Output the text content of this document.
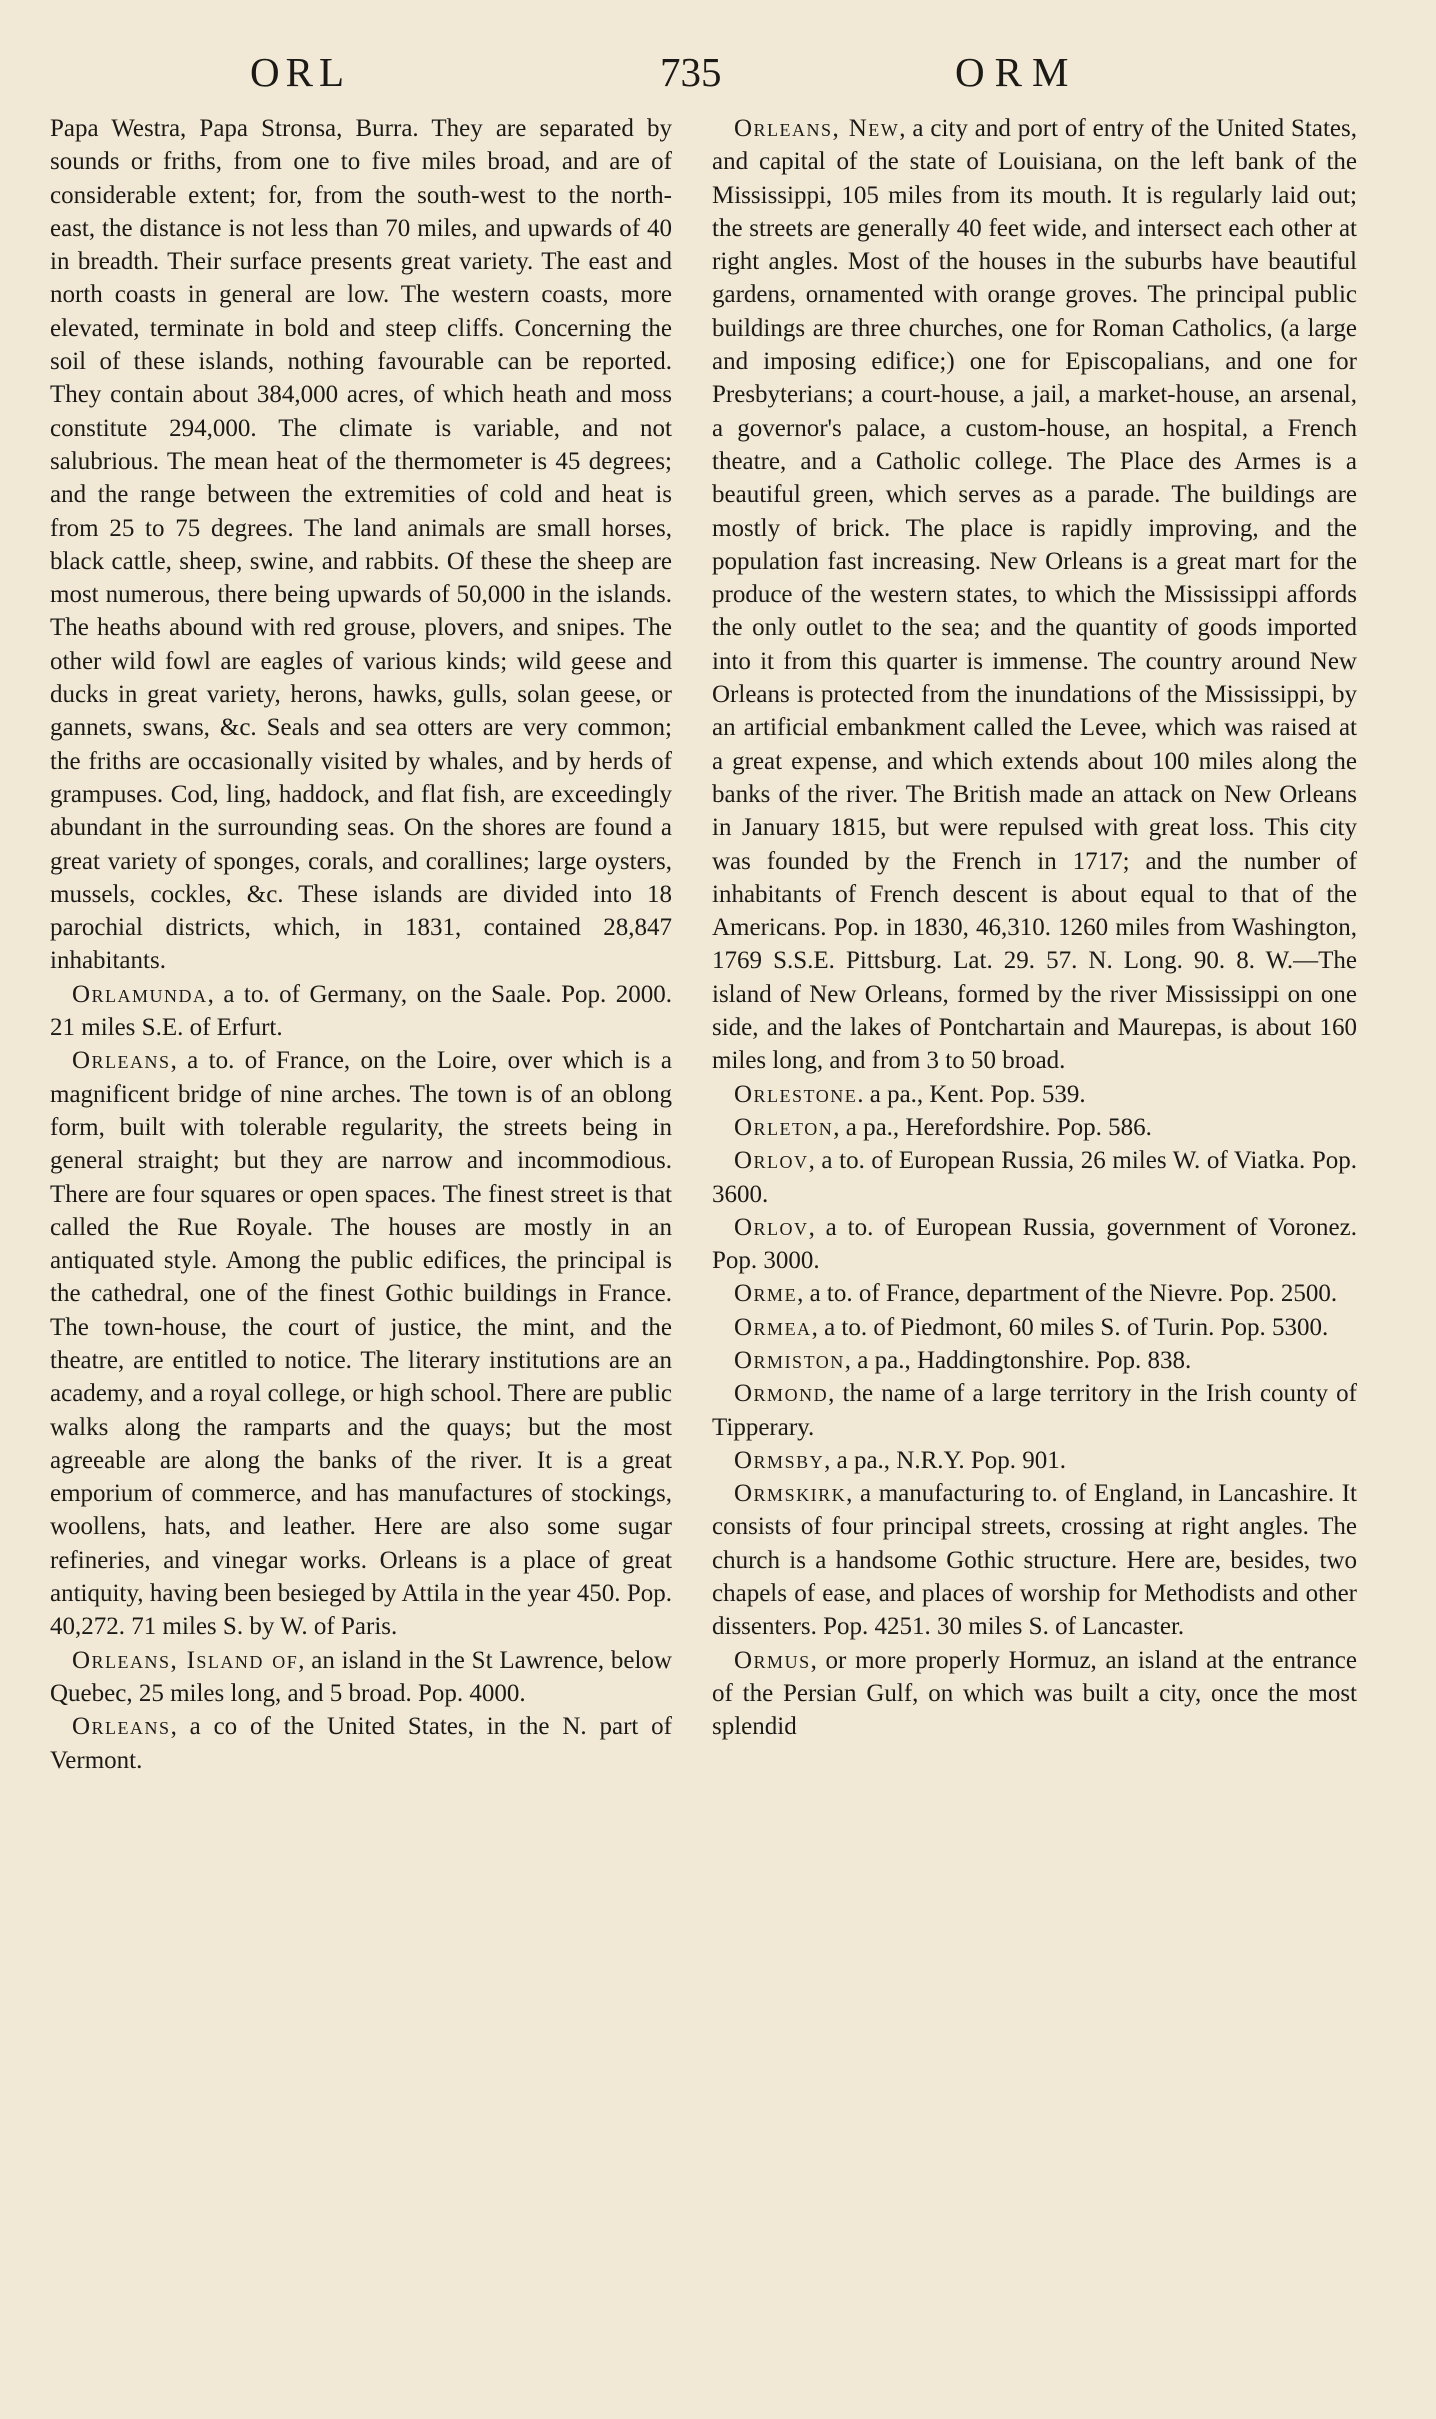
ORL	735	ORM

Papa Westra, Papa Stronsa, Burra. They are separated by sounds or friths, from one to five miles broad, and are of considerable extent; for, from the south-west to the north-east, the distance is not less than 70 miles, and upwards of 40 in breadth. Their surface presents great variety. The east and north coasts in general are low. The western coasts, more elevated, terminate in bold and steep cliffs. Concerning the soil of these islands, nothing favourable can be reported. They contain about 384,000 acres, of which heath and moss constitute 294,000. The climate is variable, and not salubrious. The mean heat of the thermometer is 45 degrees; and the range between the extremities of cold and heat is from 25 to 75 degrees. The land animals are small horses, black cattle, sheep, swine, and rabbits. Of these the sheep are most numerous, there being upwards of 50,000 in the islands. The heaths abound with red grouse, plovers, and snipes. The other wild fowl are eagles of various kinds; wild geese and ducks in great variety, herons, hawks, gulls, solan geese, or gannets, swans, &c. Seals and sea otters are very common; the friths are occasionally visited by whales, and by herds of grampuses. Cod, ling, haddock, and flat fish, are exceedingly abundant in the surrounding seas. On the shores are found a great variety of sponges, corals, and corallines; large oysters, mussels, cockles, &c. These islands are divided into 18 parochial districts, which, in 1831, contained 28,847 inhabitants.

Orlamunda, a to. of Germany, on the Saale. Pop. 2000. 21 miles S.E. of Erfurt.

Orleans, a to. of France, on the Loire, over which is a magnificent bridge of nine arches. The town is of an oblong form, built with tolerable regularity, the streets being in general straight; but they are narrow and incommodious. There are four squares or open spaces. The finest street is that called the Rue Royale. The houses are mostly in an antiquated style. Among the public edifices, the principal is the cathedral, one of the finest Gothic buildings in France. The town-house, the court of justice, the mint, and the theatre, are entitled to notice. The literary institutions are an academy, and a royal college, or high school. There are public walks along the ramparts and the quays; but the most agreeable are along the banks of the river. It is a great emporium of commerce, and has manufactures of stockings, woollens, hats, and leather. Here are also some sugar refineries, and vinegar works. Orleans is a place of great antiquity, having been besieged by Attila in the year 450. Pop. 40,272. 71 miles S. by W. of Paris.

Orleans, Island of, an island in the St Lawrence, below Quebec, 25 miles long, and 5 broad. Pop. 4000.

Orleans, a co of the United States, in the N. part of Vermont.

Orleans, New, a city and port of entry of the United States, and capital of the state of Louisiana, on the left bank of the Mississippi, 105 miles from its mouth. It is regularly laid out; the streets are generally 40 feet wide, and intersect each other at right angles. Most of the houses in the suburbs have beautiful gardens, ornamented with orange groves. The principal public buildings are three churches, one for Roman Catholics, (a large and imposing edifice;) one for Episcopalians, and one for Presbyterians; a court-house, a jail, a market-house, an arsenal, a governor's palace, a custom-house, an hospital, a French theatre, and a Catholic college. The Place des Armes is a beautiful green, which serves as a parade. The buildings are mostly of brick. The place is rapidly improving, and the population fast increasing. New Orleans is a great mart for the produce of the western states, to which the Mississippi affords the only outlet to the sea; and the quantity of goods imported into it from this quarter is immense. The country around New Orleans is protected from the inundations of the Mississippi, by an artificial embankment called the Levee, which was raised at a great expense, and which extends about 100 miles along the banks of the river. The British made an attack on New Orleans in January 1815, but were repulsed with great loss. This city was founded by the French in 1717; and the number of inhabitants of French descent is about equal to that of the Americans. Pop. in 1830, 46,310. 1260 miles from Washington, 1769 S.S.E. Pittsburg. Lat. 29. 57. N. Long. 90. 8. W.—The island of New Orleans, formed by the river Mississippi on one side, and the lakes of Pontchartain and Maurepas, is about 160 miles long, and from 3 to 50 broad.

Orlestone. a pa., Kent. Pop. 539.

Orleton, a pa., Herefordshire. Pop. 586.

Orlov, a to. of European Russia, 26 miles W. of Viatka. Pop. 3600.

Orlov, a to. of European Russia, government of Voronez. Pop. 3000.

Orme, a to. of France, department of the Nievre. Pop. 2500.

Ormea, a to. of Piedmont, 60 miles S. of Turin. Pop. 5300.

Ormiston, a pa., Haddingtonshire. Pop. 838.

Ormond, the name of a large territory in the Irish county of Tipperary.

Ormsby, a pa., N.R.Y. Pop. 901.

Ormskirk, a manufacturing to. of England, in Lancashire. It consists of four principal streets, crossing at right angles. The church is a handsome Gothic structure. Here are, besides, two chapels of ease, and places of worship for Methodists and other dissenters. Pop. 4251. 30 miles S. of Lancaster.

Ormus, or more properly Hormuz, an island at the entrance of the Persian Gulf, on which was built a city, once the most splendid
